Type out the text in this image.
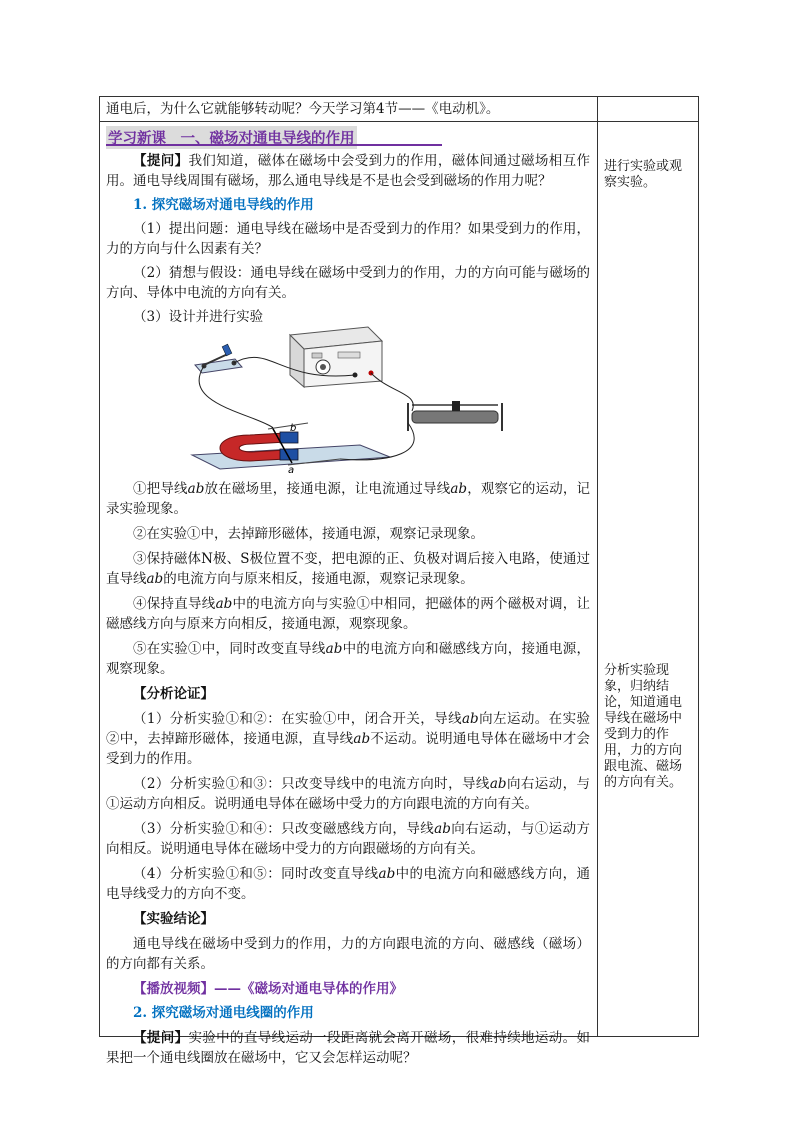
通电后，为什么它就能够转动呢？今天学习第4节——《电动机》。

学习新课　一、磁场对通电导线的作用

【提问】我们知道，磁体在磁场中会受到力的作用，磁体间通过磁场相互作用。通电导线周围有磁场，那么通电导线是不是也会受到磁场的作用力呢？

1. 探究磁场对通电导线的作用

（1）提出问题：通电导线在磁场中是否受到力的作用？如果受到力的作用，力的方向与什么因素有关？

（2）猜想与假设：通电导线在磁场中受到力的作用，力的方向可能与磁场的方向、导体中电流的方向有关。

（3）设计并进行实验

b
a

①把导线ab放在磁场里，接通电源，让电流通过导线ab，观察它的运动，记录实验现象。

②在实验①中，去掉蹄形磁体，接通电源，观察记录现象。

③保持磁体N极、S极位置不变，把电源的正、负极对调后接入电路，使通过直导线ab的电流方向与原来相反，接通电源，观察记录现象。

④保持直导线ab中的电流方向与实验①中相同，把磁体的两个磁极对调，让磁感线方向与原来方向相反，接通电源，观察现象。

⑤在实验①中，同时改变直导线ab中的电流方向和磁感线方向，接通电源，观察现象。

【分析论证】

（1）分析实验①和②：在实验①中，闭合开关，导线ab向左运动。在实验②中，去掉蹄形磁体，接通电源，直导线ab不运动。说明通电导体在磁场中才会受到力的作用。

（2）分析实验①和③：只改变导线中的电流方向时，导线ab向右运动，与①运动方向相反。说明通电导体在磁场中受力的方向跟电流的方向有关。

（3）分析实验①和④：只改变磁感线方向，导线ab向右运动，与①运动方向相反。说明通电导体在磁场中受力的方向跟磁场的方向有关。

（4）分析实验①和⑤：同时改变直导线ab中的电流方向和磁感线方向，通电导线受力的方向不变。

【实验结论】

通电导线在磁场中受到力的作用，力的方向跟电流的方向、磁感线（磁场）的方向都有关系。

【播放视频】——《磁场对通电导体的作用》

2. 探究磁场对通电线圈的作用

【提问】实验中的直导线运动一段距离就会离开磁场，很难持续地运动。如果把一个通电线圈放在磁场中，它又会怎样运动呢？

进行实验或观察实验。
分析实验现象，归纳结论，知道通电导线在磁场中受到力的作用，力的方向跟电流、磁场的方向有关。
